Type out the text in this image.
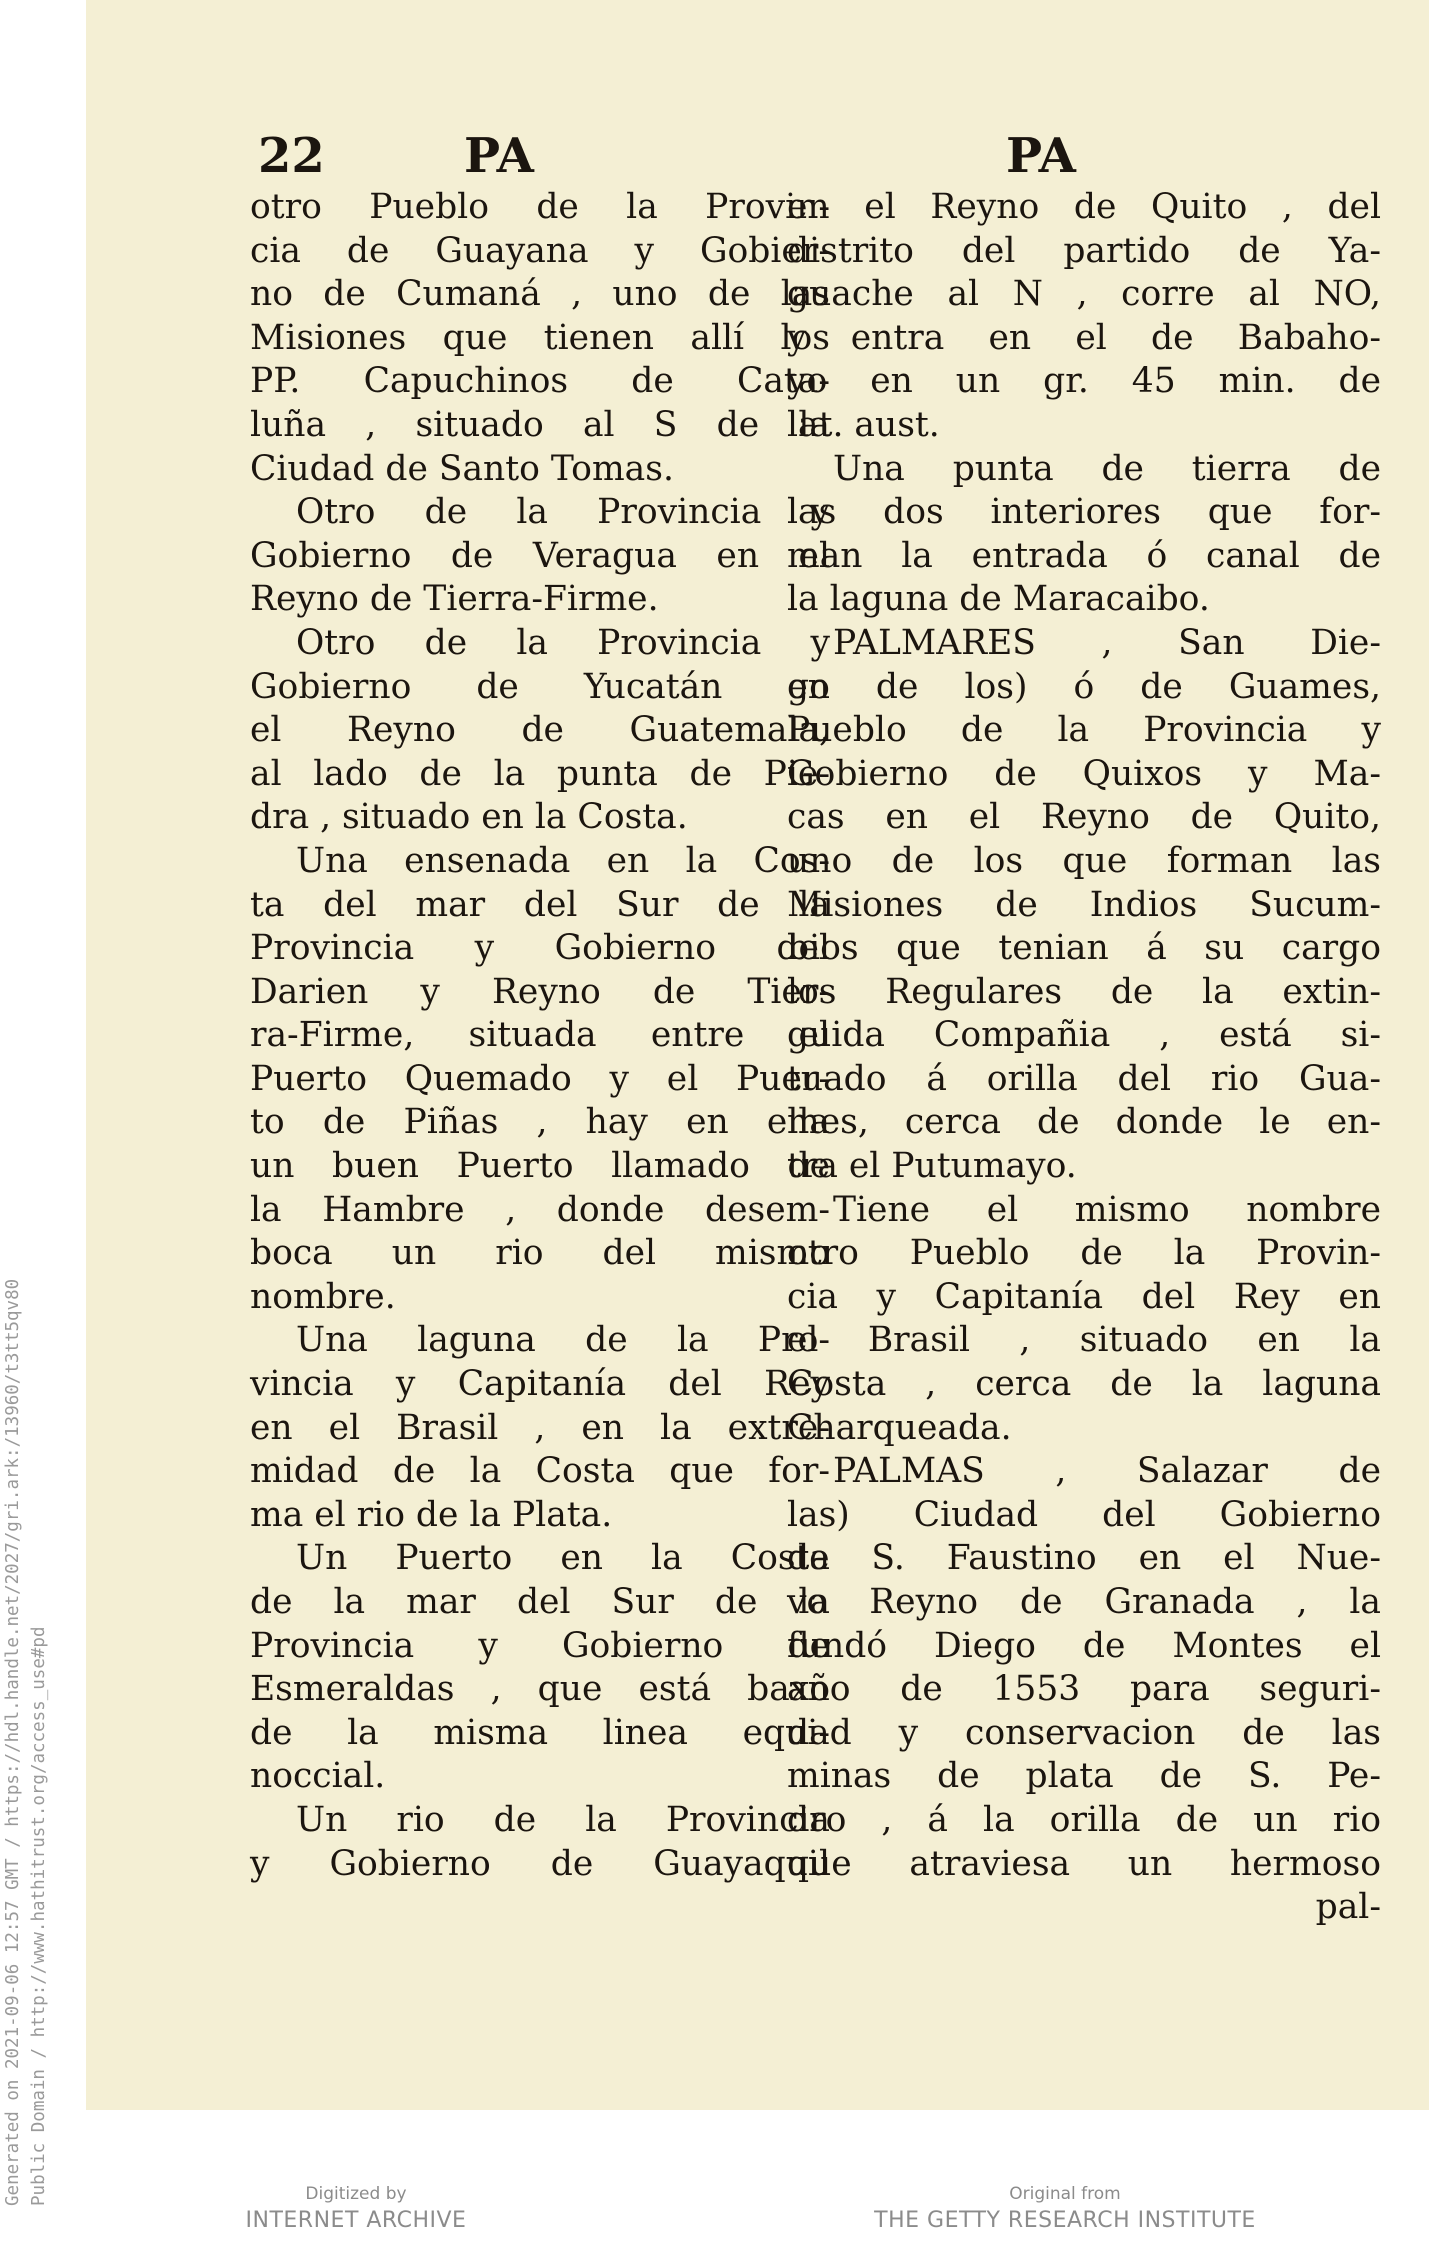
Generated on 2021-09-06 12:57 GMT / https://hdl.handle.net/2027/gri.ark:/13960/t3tt5qv80 Public Domain / http://www.hathitrust.org/access_use#pd
22	PA	PA
otro Pueblo de la Provin-
cia de Guayana y Gobier-
no de Cumaná , uno de las
Misiones que tienen allí los
PP. Capuchinos de Cata-
luña , situado al S de la
Ciudad de Santo Tomas.
Otro de la Provincia y
Gobierno de Veragua en el
Reyno de Tierra-Firme.
Otro de la Provincia y
Gobierno de Yucatán en
el Reyno de Guatemala,
al lado de la punta de Pie-
dra , situado en la Costa.
Una ensenada en la Cos-
ta del mar del Sur de la
Provincia y Gobierno del
Darien y Reyno de Tier-
ra-Firme, situada entre el
Puerto Quemado y el Puer-
to de Piñas , hay en ella
un buen Puerto llamado de
la Hambre , donde desem-
boca un rio del mismo
nombre.
Una laguna de la Pro-
vincia y Capitanía del Rey
en el Brasil , en la extre-
midad de la Costa que for-
ma el rio de la Plata.
Un Puerto en la Costa
de la mar del Sur de la
Provincia y Gobierno de
Esmeraldas , que está baxo
de la misma linea equi-
noccial.
Un rio de la Provincia
y Gobierno de Guayaquil
en el Reyno de Quito , del
distrito del partido de Ya-
guache al N , corre al NO,
y entra en el de Babaho-
yo en un gr. 45 min. de
lat. aust.
Una punta de tierra de
las dos interiores que for-
man la entrada ó canal de
la laguna de Maracaibo.
PALMARES , San Die-
go de los) ó de Guames,
Pueblo de la Provincia y
Gobierno de Quixos y Ma-
cas en el Reyno de Quito,
uno de los que forman las
Misiones de Indios Sucum-
bios que tenian á su cargo
los Regulares de la extin-
guida Compañia , está si-
tuado á orilla del rio Gua-
mes, cerca de donde le en-
tra el Putumayo.
Tiene el mismo nombre
otro Pueblo de la Provin-
cia y Capitanía del Rey en
el Brasil , situado en la
Costa , cerca de la laguna
Charqueada.
PALMAS , Salazar de
las) Ciudad del Gobierno
de S. Faustino en el Nue-
vo Reyno de Granada , la
fundó Diego de Montes el
año de 1553 para seguri-
dad y conservacion de las
minas de plata de S. Pe-
dro , á la orilla de un rio
que atraviesa un hermoso
pal-
Digitized by
INTERNET ARCHIVE
Original from
THE GETTY RESEARCH INSTITUTE
